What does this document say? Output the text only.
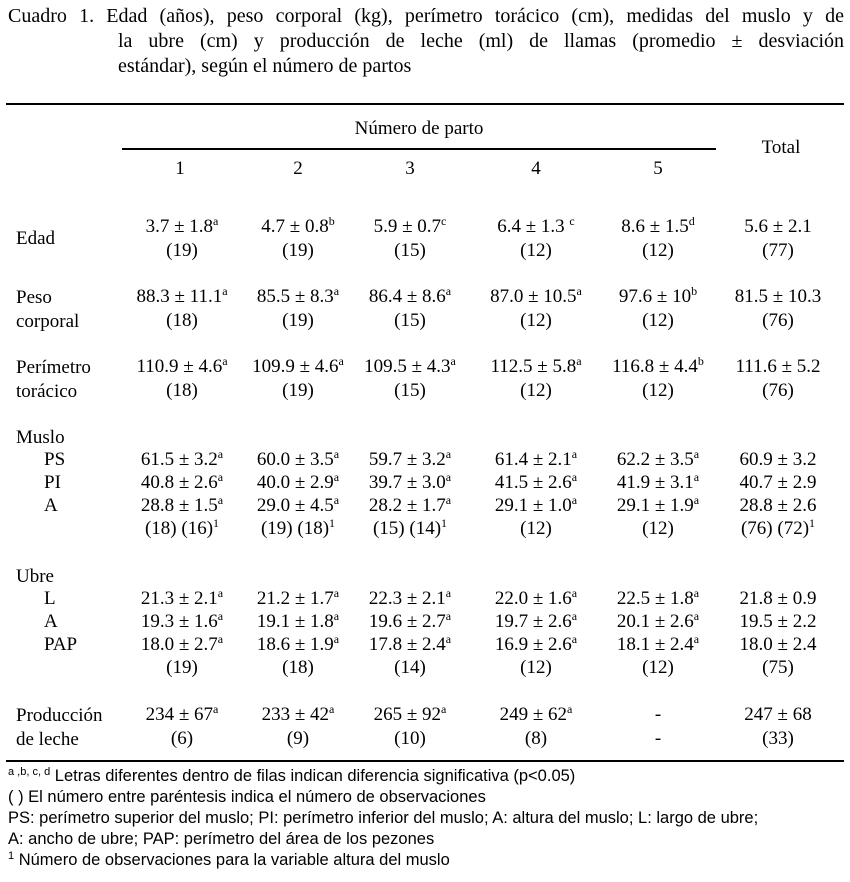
Cuadro 1. Edad (años), peso corporal (kg), perímetro torácico (cm), medidas del muslo y de
la ubre (cm) y producción de leche (ml) de llamas (promedio ± desviación
estándar), según el número de partos
Número de parto
Total
1	2	3	4	5
Edad
3.7 ± 1.8$^a$	4.7 ± 0.8$^b$	5.9 ± 0.7$^c$	6.4 ± 1.3 $^c$	8.6 ± 1.5$^d$	5.6 ± 2.1
(19)	(19)	(15)	(12)	(12)	(77)
Peso
corporal
88.3 ± 11.1$^a$	85.5 ± 8.3$^a$	86.4 ± 8.6$^a$	87.0 ± 10.5$^a$	$97.6 \pm 10^b$	81.5 ± 10.3
(18)	(19)	(15)	(12)	(12)	(76)
Perímetro
torácico
110.9 ± 4.6$^a$	109.9 ± 4.6$^a$	109.5 ± 4.3$^a$	112.5 ± 5.8$^a$	116.8 ± 4.4$^b$	111.6 ± 5.2
(18)	(19)	(15)	(12)	(12)	(76)
Muslo
PS	61.5 ± 3.2$^a$	60.0 ± 3.5$^a$	59.7 ± 3.2$^a$	61.4 ± 2.1$^a$	62.2 ± 3.5$^a$	60.9 ± 3.2
PI	40.8 ± 2.6$^a$	40.0 ± 2.9$^a$	39.7 ± 3.0$^a$	41.5 ± 2.6$^a$	41.9 ± 3.1$^a$	40.7 ± 2.9
A	28.8 ± 1.5$^a$	29.0 ± 4.5$^a$	28.2 ± 1.7$^a$	29.1 ± 1.0$^a$	29.1 ± 1.9$^a$	28.8 ± 2.6
(18) $(16)^1$	(19) $(18)^1$	(15) $(14)^1$	(12)	(12)	(76) $(72)^1$
Ubre
L	21.3 ± 2.1$^a$	21.2 ± 1.7$^a$	22.3 ± 2.1$^a$	22.0 ± 1.6$^a$	22.5 ± 1.8$^a$	21.8 ± 0.9
A	19.3 ± 1.6$^a$	19.1 ± 1.8$^a$	19.6 ± 2.7$^a$	19.7 ± 2.6$^a$	20.1 ± 2.6$^a$	19.5 ± 2.2
PAP	18.0 ± 2.7$^a$	18.6 ± 1.9$^a$	17.8 ± 2.4$^a$	16.9 ± 2.6$^a$	18.1 ± 2.4$^a$	18.0 ± 2.4
(19)	(18)	(14)	(12)	(12)	(75)
Producción
de leche
$234 \pm 67^a$	$233 \pm 42^a$	$265 \pm 92^a$	$249 \pm 62^a$	-	247 ± 68
(6)	(9)	(10)	(8)	-	(33)
$^{a ,b, c, d}$ Letras diferentes dentro de filas indican diferencia significativa (p<0.05)
( ) El número entre paréntesis indica el número de observaciones
PS: perímetro superior del muslo; PI: perímetro inferior del muslo; A: altura del muslo; L: largo de ubre;
A: ancho de ubre; PAP: perímetro del área de los pezones
$^1$ Número de observaciones para la variable altura del muslo
